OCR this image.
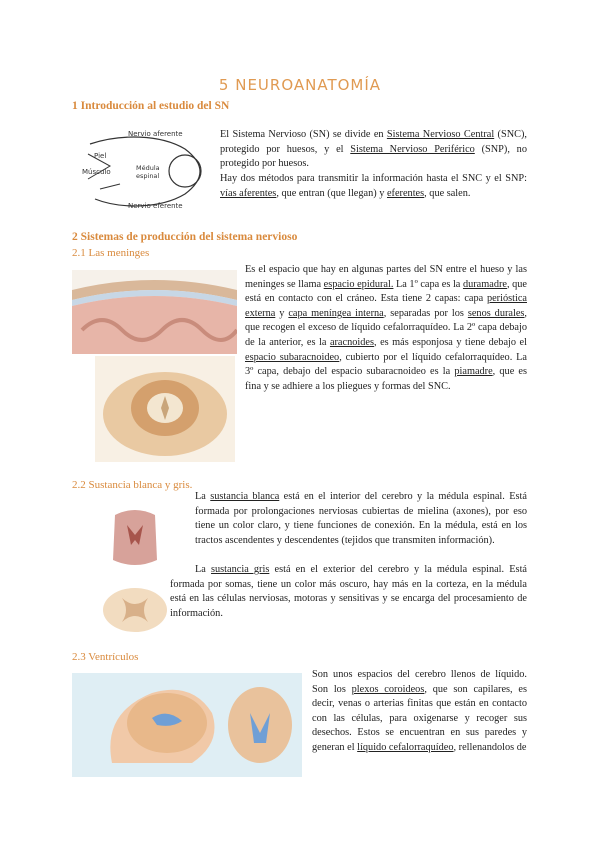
5 NEUROANATOMÍA
1 Introducción al estudio del SN
Nervio aferente
Nervio eferente
Médula espinal
Piel
Músculo
El Sistema Nervioso (SN) se divide en Sistema Nervioso Central (SNC), protegido por huesos, y el Sistema Nervioso Periférico (SNP), no protegido por huesos.
Hay dos métodos para transmitir la información hasta el SNC y el SNP: vías aferentes, que entran (que llegan) y eferentes, que salen.
2 Sistemas de producción del sistema nervioso
2.1 Las meninges
Es el espacio que hay en algunas partes del SN entre el hueso y las meninges se llama espacio epidural. La 1º capa es la duramadre, que está en contacto con el cráneo. Esta tiene 2 capas: capa perióstica externa y capa meníngea interna, separadas por los senos durales, que recogen el exceso de líquido cefalorraquídeo. La 2º capa debajo de la anterior, es la aracnoides, es más esponjosa y tiene debajo el espacio subaracnoideo, cubierto por el líquido cefalorraquídeo. La 3º capa, debajo del espacio subaracnoideo es la piamadre, que es fina y se adhiere a los pliegues y formas del SNC.
2.2 Sustancia blanca y gris.
La sustancia blanca está en el interior del cerebro y la médula espinal. Está formada por prolongaciones nerviosas cubiertas de mielina (axones), por eso tiene un color claro, y tiene funciones de conexión. En la médula, está en los tractos ascendentes y descendentes (tejidos que transmiten información).
La sustancia gris está en el exterior del cerebro y la médula espinal. Está formada por somas, tiene un color más oscuro, hay más en la corteza, en la médula está en las células nerviosas, motoras y sensitivas y se encarga del procesamiento de información.
2.3 Ventrículos
Son unos espacios del cerebro llenos de líquido. Son los plexos coroideos, que son capilares, es decir, venas o arterias finitas que están en contacto con las células, para oxigenarse y recoger sus desechos. Estos se encuentran en sus paredes y generan el líquido cefalorraquídeo, rellenandolos de
